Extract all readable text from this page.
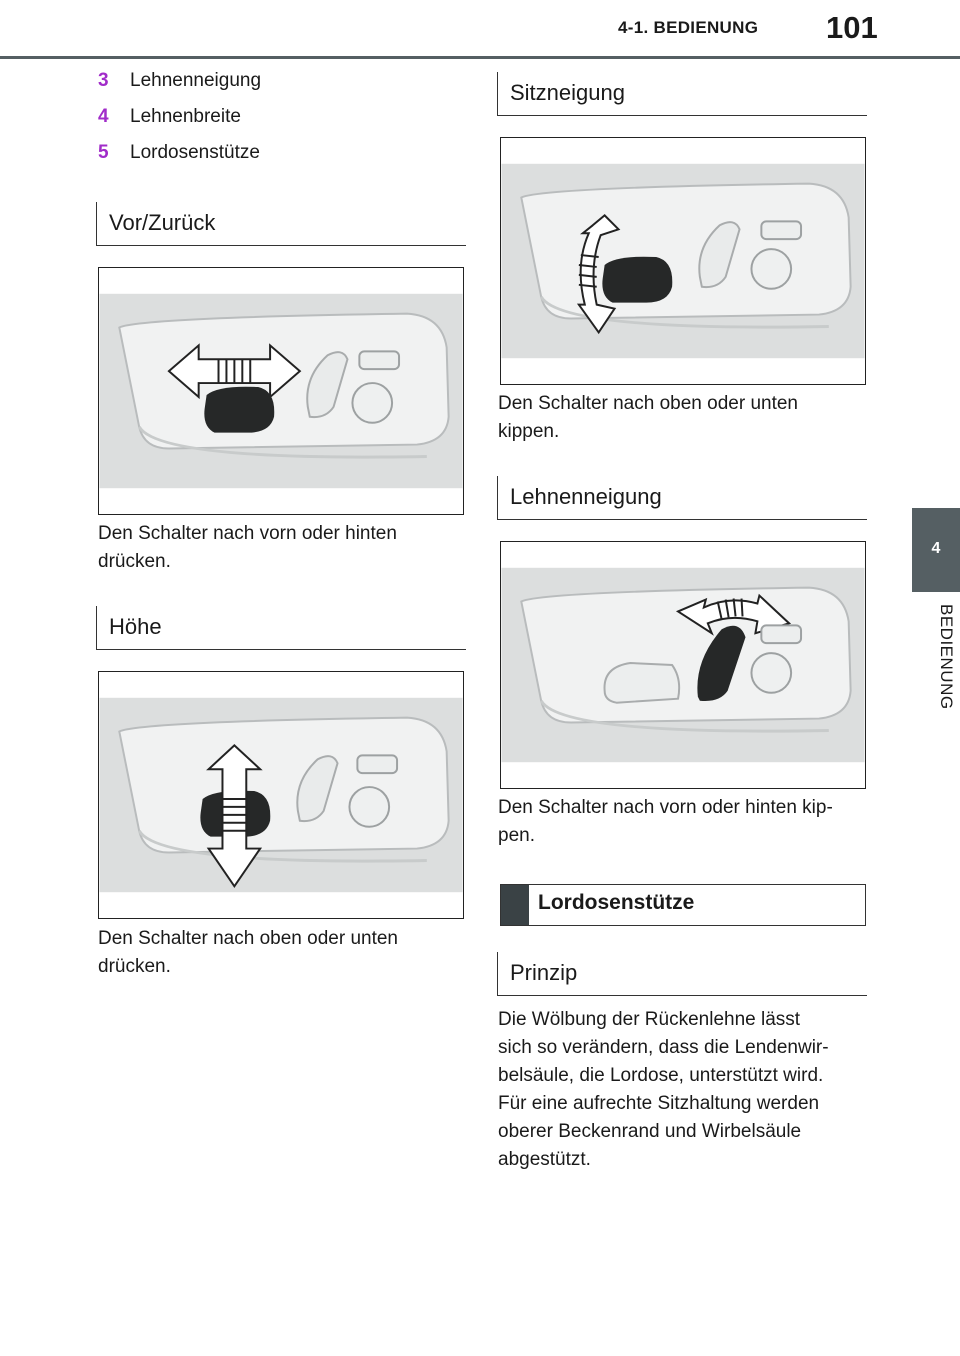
4-1. BEDIENUNG 101
4
BEDIENUNG
3 Lehnenneigung
4 Lehnenbreite
5 Lordosenstütze
Vor/Zurück
Den Schalter nach vorn oder hinten
drücken.
Höhe
Den Schalter nach oben oder unten
drücken.
Sitzneigung
Den Schalter nach oben oder unten
kippen.
Lehnenneigung
Den Schalter nach vorn oder hinten kip-
pen.
Lordosenstütze
Prinzip
Die Wölbung der Rückenlehne lässt
sich so verändern, dass die Lendenwir-
belsäule, die Lordose, unterstützt wird.
Für eine aufrechte Sitzhaltung werden
oberer Beckenrand und Wirbelsäule
abgestützt.
